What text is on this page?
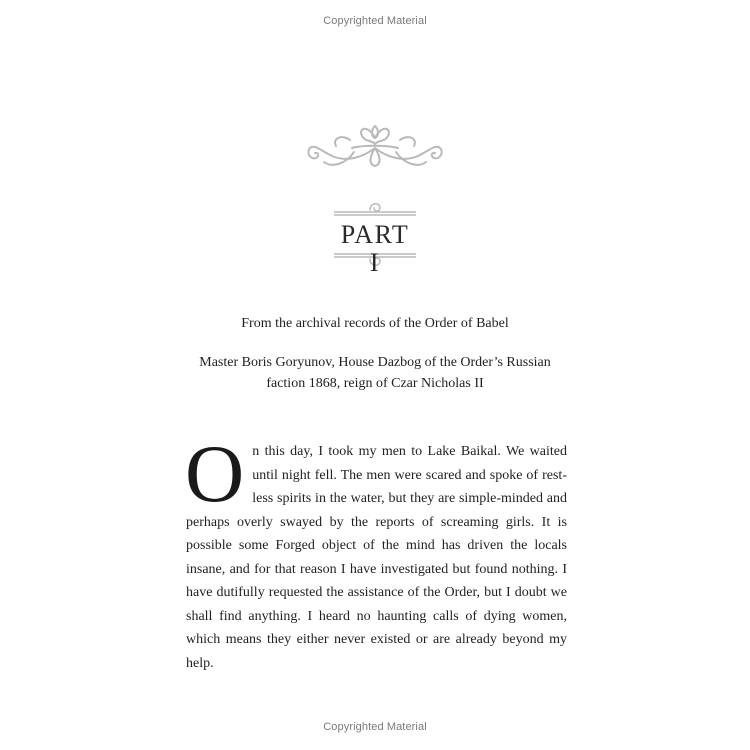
Copyrighted Material
PART I
From the archival records of the Order of Babel
Master Boris Goryunov, House Dazbog of the Order’s Russian
faction 1868, reign of Czar Nicholas II
O n this day, I took my men to Lake Baikal. We waited until night fell. The men were scared and spoke of restless spirits in the water, but they are simple-minded and perhaps overly swayed by the reports of screaming girls. It is possible some Forged object of the mind has driven the locals insane, and for that reason I have investigated but found nothing. I have dutifully requested the assistance of the Order, but I doubt we shall find anything. I heard no haunting calls of dying women, which means they either never existed or are already beyond my help.
Copyrighted Material
